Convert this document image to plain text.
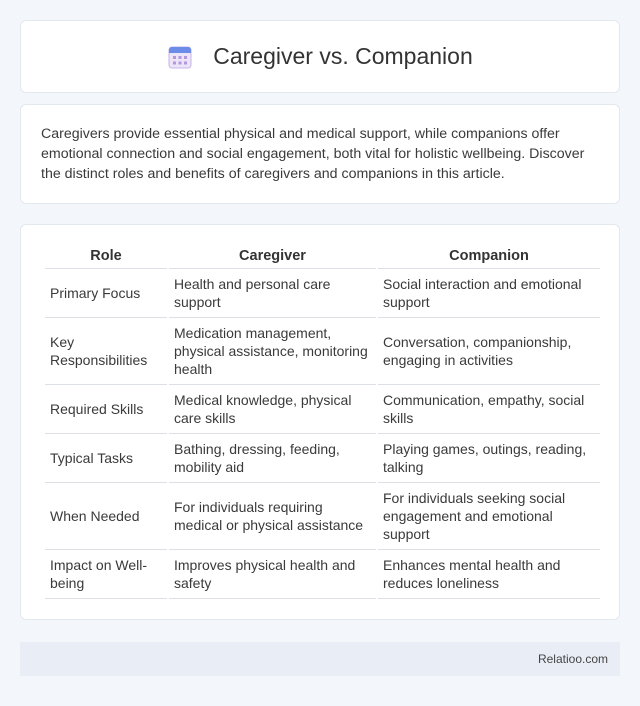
Caregiver vs. Companion

Caregivers provide essential physical and medical support, while companions offer emotional connection and social engagement, both vital for holistic wellbeing. Discover the distinct roles and benefits of caregivers and companions in this article.

Role	Caregiver	Companion
Primary Focus	Health and personal care support	Social interaction and emotional support
Key Responsibilities	Medication management, physical assistance, monitoring health	Conversation, companionship, engaging in activities
Required Skills	Medical knowledge, physical care skills	Communication, empathy, social skills
Typical Tasks	Bathing, dressing, feeding, mobility aid	Playing games, outings, reading, talking
When Needed	For individuals requiring medical or physical assistance	For individuals seeking social engagement and emotional support
Impact on Well-being	Improves physical health and safety	Enhances mental health and reduces loneliness
Relatioo.com
